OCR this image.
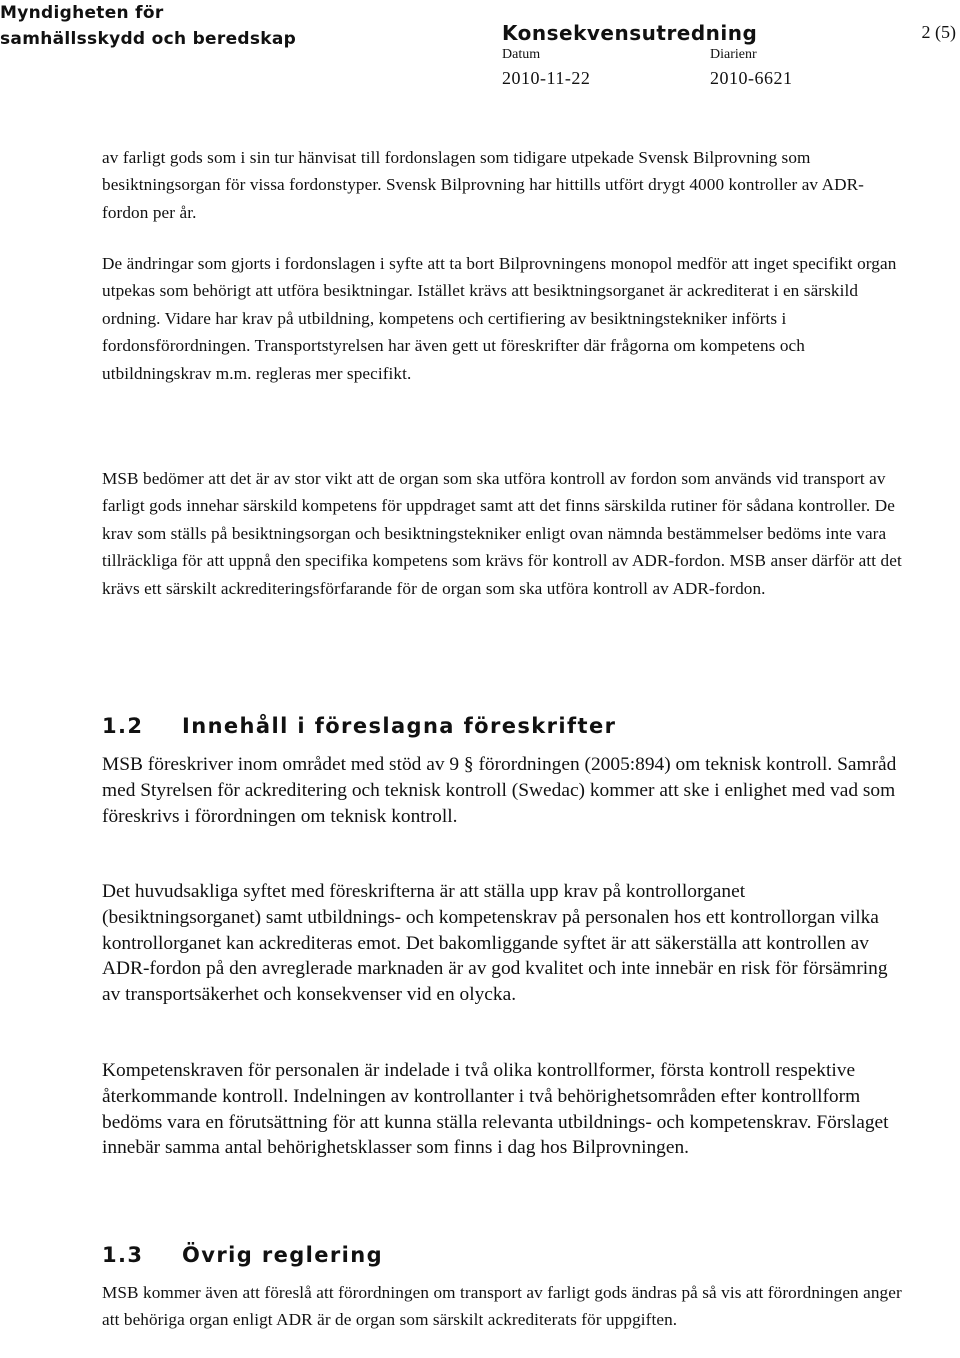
Myndigheten för
samhällsskydd och beredskap	Konsekvensutredning	2 (5)
Datum
2010-11-22
Diarienr
2010-6621

av farligt gods som i sin tur hänvisat till fordonslagen som tidigare utpekade Svensk Bilprovning som besiktningsorgan för vissa fordonstyper. Svensk Bilprovning har hittills utfört drygt 4000 kontroller av ADR-fordon per år.

De ändringar som gjorts i fordonslagen i syfte att ta bort Bilprovningens monopol medför att inget specifikt organ utpekas som behörigt att utföra besiktningar. Istället krävs att besiktningsorganet är ackrediterat i en särskild ordning. Vidare har krav på utbildning, kompetens och certifiering av besiktningstekniker införts i fordonsförordningen. Transportstyrelsen har även gett ut föreskrifter där frågorna om kompetens och utbildningskrav m.m. regleras mer specifikt.

MSB bedömer att det är av stor vikt att de organ som ska utföra kontroll av fordon som används vid transport av farligt gods innehar särskild kompetens för uppdraget samt att det finns särskilda rutiner för sådana kontroller. De krav som ställs på besiktningsorgan och besiktningstekniker enligt ovan nämnda bestämmelser bedöms inte vara tillräckliga för att uppnå den specifika kompetens som krävs för kontroll av ADR-fordon. MSB anser därför att det krävs ett särskilt ackrediteringsförfarande för de organ som ska utföra kontroll av ADR-fordon.

1.2 Innehåll i föreslagna föreskrifter

MSB föreskriver inom området med stöd av 9 § förordningen (2005:894) om teknisk kontroll. Samråd med Styrelsen för ackreditering och teknisk kontroll (Swedac) kommer att ske i enlighet med vad som föreskrivs i förordningen om teknisk kontroll.

Det huvudsakliga syftet med föreskrifterna är att ställa upp krav på kontrollorganet (besiktningsorganet) samt utbildnings- och kompetenskrav på personalen hos ett kontrollorgan vilka kontrollorganet kan ackrediteras emot. Det bakomliggande syftet är att säkerställa att kontrollen av ADR-fordon på den avreglerade marknaden är av god kvalitet och inte innebär en risk för försämring av transportsäkerhet och konsekvenser vid en olycka.

Kompetenskraven för personalen är indelade i två olika kontrollformer, första kontroll respektive återkommande kontroll. Indelningen av kontrollanter i två behörighetsområden efter kontrollform bedöms vara en förutsättning för att kunna ställa relevanta utbildnings- och kompetenskrav. Förslaget innebär samma antal behörighetsklasser som finns i dag hos Bilprovningen.

1.3 Övrig reglering

MSB kommer även att föreslå att förordningen om transport av farligt gods ändras på så vis att förordningen anger att behöriga organ enligt ADR är de organ som särskilt ackrediterats för uppgiften.
